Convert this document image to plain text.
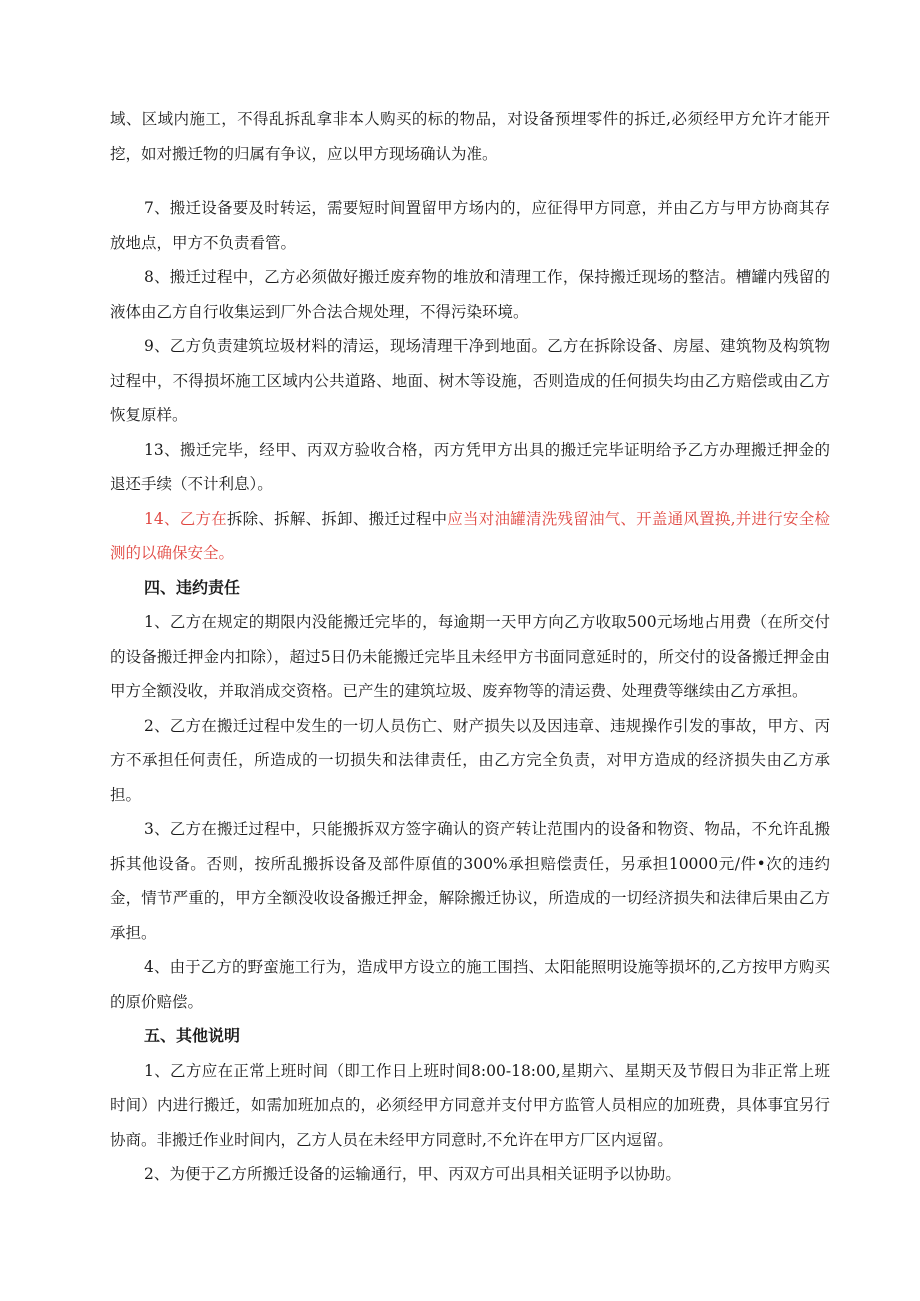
域、区域内施工，不得乱拆乱拿非本人购买的标的物品，对设备预埋零件的拆迁,必须经甲方允许才能开挖，如对搬迁物的归属有争议，应以甲方现场确认为准。

7、搬迁设备要及时转运，需要短时间置留甲方场内的，应征得甲方同意，并由乙方与甲方协商其存放地点，甲方不负责看管。

8、搬迁过程中，乙方必须做好搬迁废弃物的堆放和清理工作，保持搬迁现场的整洁。槽罐内残留的液体由乙方自行收集运到厂外合法合规处理，不得污染环境。

9、乙方负责建筑垃圾材料的清运，现场清理干净到地面。乙方在拆除设备、房屋、建筑物及构筑物过程中，不得损坏施工区域内公共道路、地面、树木等设施，否则造成的任何损失均由乙方赔偿或由乙方恢复原样。

13、搬迁完毕，经甲、丙双方验收合格，丙方凭甲方出具的搬迁完毕证明给予乙方办理搬迁押金的退还手续（不计利息）。

14、乙方在拆除、拆解、拆卸、搬迁过程中应当对油罐清洗残留油气、开盖通风置换,并进行安全检测的以确保安全。

四、违约责任

1、乙方在规定的期限内没能搬迁完毕的，每逾期一天甲方向乙方收取500元场地占用费（在所交付的设备搬迁押金内扣除），超过5日仍未能搬迁完毕且未经甲方书面同意延时的，所交付的设备搬迁押金由甲方全额没收，并取消成交资格。已产生的建筑垃圾、废弃物等的清运费、处理费等继续由乙方承担。

2、乙方在搬迁过程中发生的一切人员伤亡、财产损失以及因违章、违规操作引发的事故，甲方、丙方不承担任何责任，所造成的一切损失和法律责任，由乙方完全负责，对甲方造成的经济损失由乙方承担。

3、乙方在搬迁过程中，只能搬拆双方签字确认的资产转让范围内的设备和物资、物品，不允许乱搬拆其他设备。否则，按所乱搬拆设备及部件原值的300%承担赔偿责任，另承担10000元/件•次的违约金，情节严重的，甲方全额没收设备搬迁押金，解除搬迁协议，所造成的一切经济损失和法律后果由乙方承担。

4、由于乙方的野蛮施工行为，造成甲方设立的施工围挡、太阳能照明设施等损坏的,乙方按甲方购买的原价赔偿。

五、其他说明

1、乙方应在正常上班时间（即工作日上班时间8:00-18:00,星期六、星期天及节假日为非正常上班时间）内进行搬迁，如需加班加点的，必须经甲方同意并支付甲方监管人员相应的加班费，具体事宜另行协商。非搬迁作业时间内，乙方人员在未经甲方同意时,不允许在甲方厂区内逗留。

2、为便于乙方所搬迁设备的运输通行，甲、丙双方可出具相关证明予以协助。
